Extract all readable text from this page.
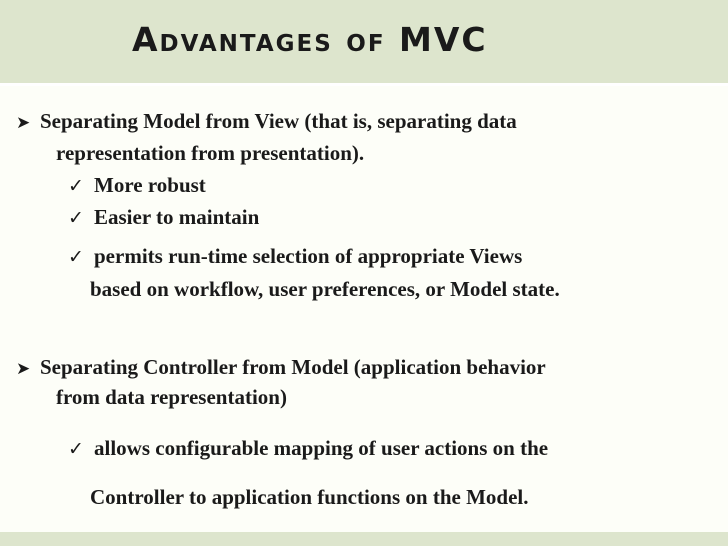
Advantages of MVC
➤ Separating Model from View (that is, separating data
representation from presentation).
✓ More robust
✓ Easier to maintain
✓ permits run-time selection of appropriate Views
based on workflow, user preferences, or Model state.
➤ Separating Controller from Model (application behavior
from data representation)
✓ allows configurable mapping of user actions on the
Controller to application functions on the Model.
